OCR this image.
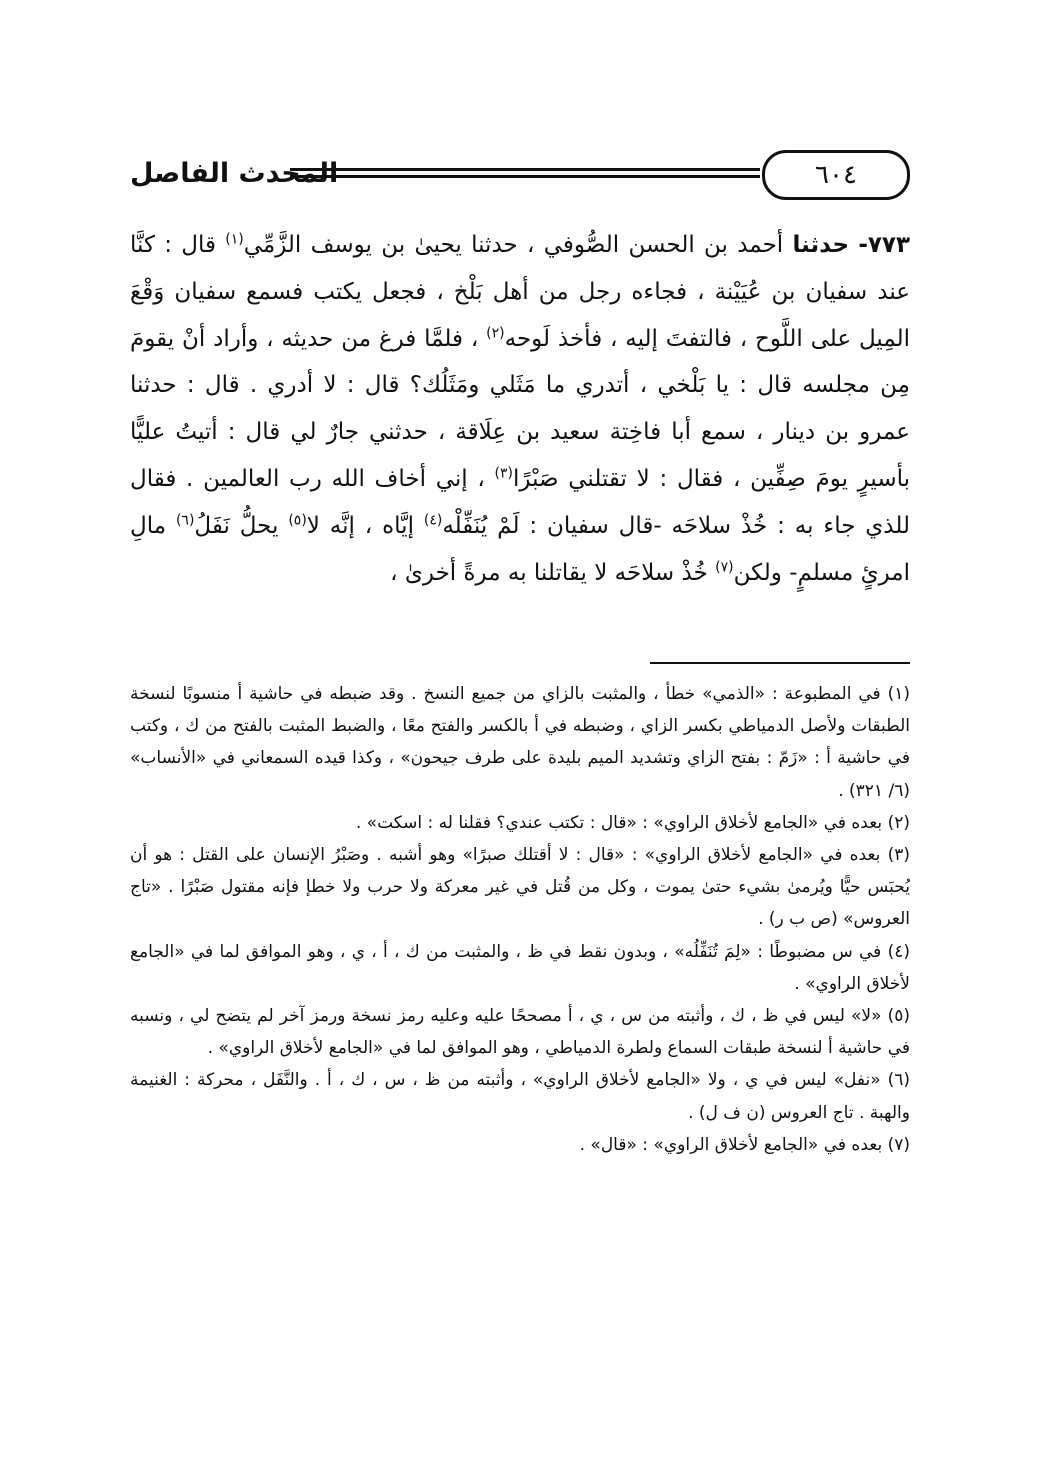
المحدث الفاصل	٦٠٤
٧٧٣- حدثنا أحمد بن الحسن الصُّوفي ، حدثنا يحيىٰ بن يوسف الزَّمِّي$^{(١)}$ قال : كنَّا عند سفيان بن عُيَيْنة ، فجاءه رجل من أهل بَلْخ ، فجعل يكتب فسمع سفيان وَقْعَ المِيل على اللَّوح ، فالتفتَ إليه ، فأخذ لَوحه$^{(٢)}$ ، فلمَّا فرغ من حديثه ، وأراد أنْ يقومَ مِن مجلسه قال : يا بَلْخي ، أتدري ما مَثَلي ومَثَلُك؟ قال : لا أدري . قال : حدثنا عمرو بن دينار ، سمع أبا فاخِتة سعيد بن عِلَاقة ، حدثني جارٌ لي قال : أتيتُ عليًّا بأسيرٍ يومَ صِفِّين ، فقال : لا تقتلني صَبْرًا$^{(٣)}$ ، إني أخاف الله رب العالمين . فقال للذي جاء به : خُذْ سلاحَه -قال سفيان : لَمْ يُنَفِّلْه$^{(٤)}$ إيَّاه ، إنَّه لا$^{(٥)}$ يحلُّ نَفَلُ$^{(٦)}$ مالِ امرئٍ مسلمٍ- ولكن$^{(٧)}$ خُذْ سلاحَه لا يقاتلنا به مرةً أخرىٰ ،

(١) في المطبوعة : «الذمي» خطأ ، والمثبت بالزاي من جميع النسخ . وقد ضبطه في حاشية أ منسوبًا لنسخة الطبقات ولأصل الدمياطي بكسر الزاي ، وضبطه في أ بالكسر والفتح معًا ، والضبط المثبت بالفتح من ك ، وكتب في حاشية أ : «زَمّ : بفتح الزاي وتشديد الميم بليدة على طرف جيحون» ، وكذا قيده السمعاني في «الأنساب» (٦/ ٣٢١) .

(٢) بعده في «الجامع لأخلاق الراوي» : «قال : تكتب عندي؟ فقلنا له : اسكت» .

(٣) بعده في «الجامع لأخلاق الراوي» : «قال : لا أقتلك صبرًا» وهو أشبه . وصَبْرُ الإنسان على القتل : هو أن يُحبَس حيًّا ويُرمىٰ بشيء حتىٰ يموت ، وكل من قُتل في غير معركة ولا حرب ولا خطإ فإنه مقتول صَبْرًا . «تاج العروس» (ص ب ر) .

(٤) في س مضبوطًا : «لِمَ تُنَفِّلُه» ، وبدون نقط في ظ ، والمثبت من ك ، أ ، ي ، وهو الموافق لما في «الجامع لأخلاق الراوي» .

(٥) «لا» ليس في ظ ، ك ، وأثبته من س ، ي ، أ مصححًا عليه وعليه رمز نسخة ورمز آخر لم يتضح لي ، ونسبه في حاشية أ لنسخة طبقات السماع ولطرة الدمياطي ، وهو الموافق لما في «الجامع لأخلاق الراوي» .

(٦) «نفل» ليس في ي ، ولا «الجامع لأخلاق الراوي» ، وأثبته من ظ ، س ، ك ، أ . والنَّفَل ، محركة : الغنيمة والهبة . تاج العروس (ن ف ل) .

(٧) بعده في «الجامع لأخلاق الراوي» : «قال» .
